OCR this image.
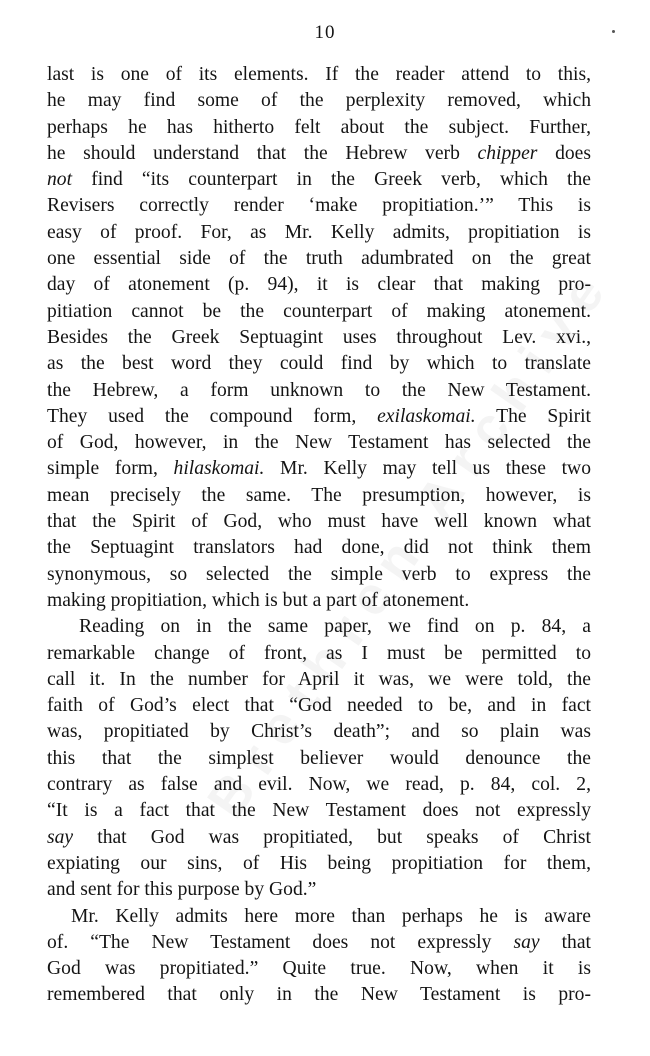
10
last is one of its elements. If the reader attend to this,
he may find some of the perplexity removed, which
perhaps he has hitherto felt about the subject. Further,
he should understand that the Hebrew verb chipper does
not find “its counterpart in the Greek verb, which the
Revisers correctly render ‘make propitiation.’” This is
easy of proof. For, as Mr. Kelly admits, propitiation is
one essential side of the truth adumbrated on the great
day of atonement (p. 94), it is clear that making pro-
pitiation cannot be the counterpart of making atonement.
Besides the Greek Septuagint uses throughout Lev. xvi.,
as the best word they could find by which to translate
the Hebrew, a form unknown to the New Testament.
They used the compound form, exilaskomai. The Spirit
of God, however, in the New Testament has selected the
simple form, hilaskomai. Mr. Kelly may tell us these two
mean precisely the same. The presumption, however, is
that the Spirit of God, who must have well known what
the Septuagint translators had done, did not think them
synonymous, so selected the simple verb to express the
making propitiation, which is but a part of atonement.
Reading on in the same paper, we find on p. 84, a
remarkable change of front, as I must be permitted to
call it. In the number for April it was, we were told, the
faith of God’s elect that “God needed to be, and in fact
was, propitiated by Christ’s death”; and so plain was
this that the simplest believer would denounce the
contrary as false and evil. Now, we read, p. 84, col. 2,
“It is a fact that the New Testament does not expressly
say that God was propitiated, but speaks of Christ
expiating our sins, of His being propitiation for them,
and sent for this purpose by God.”
Mr. Kelly admits here more than perhaps he is aware
of. “The New Testament does not expressly say that
God was propitiated.” Quite true. Now, when it is
remembered that only in the New Testament is pro-
